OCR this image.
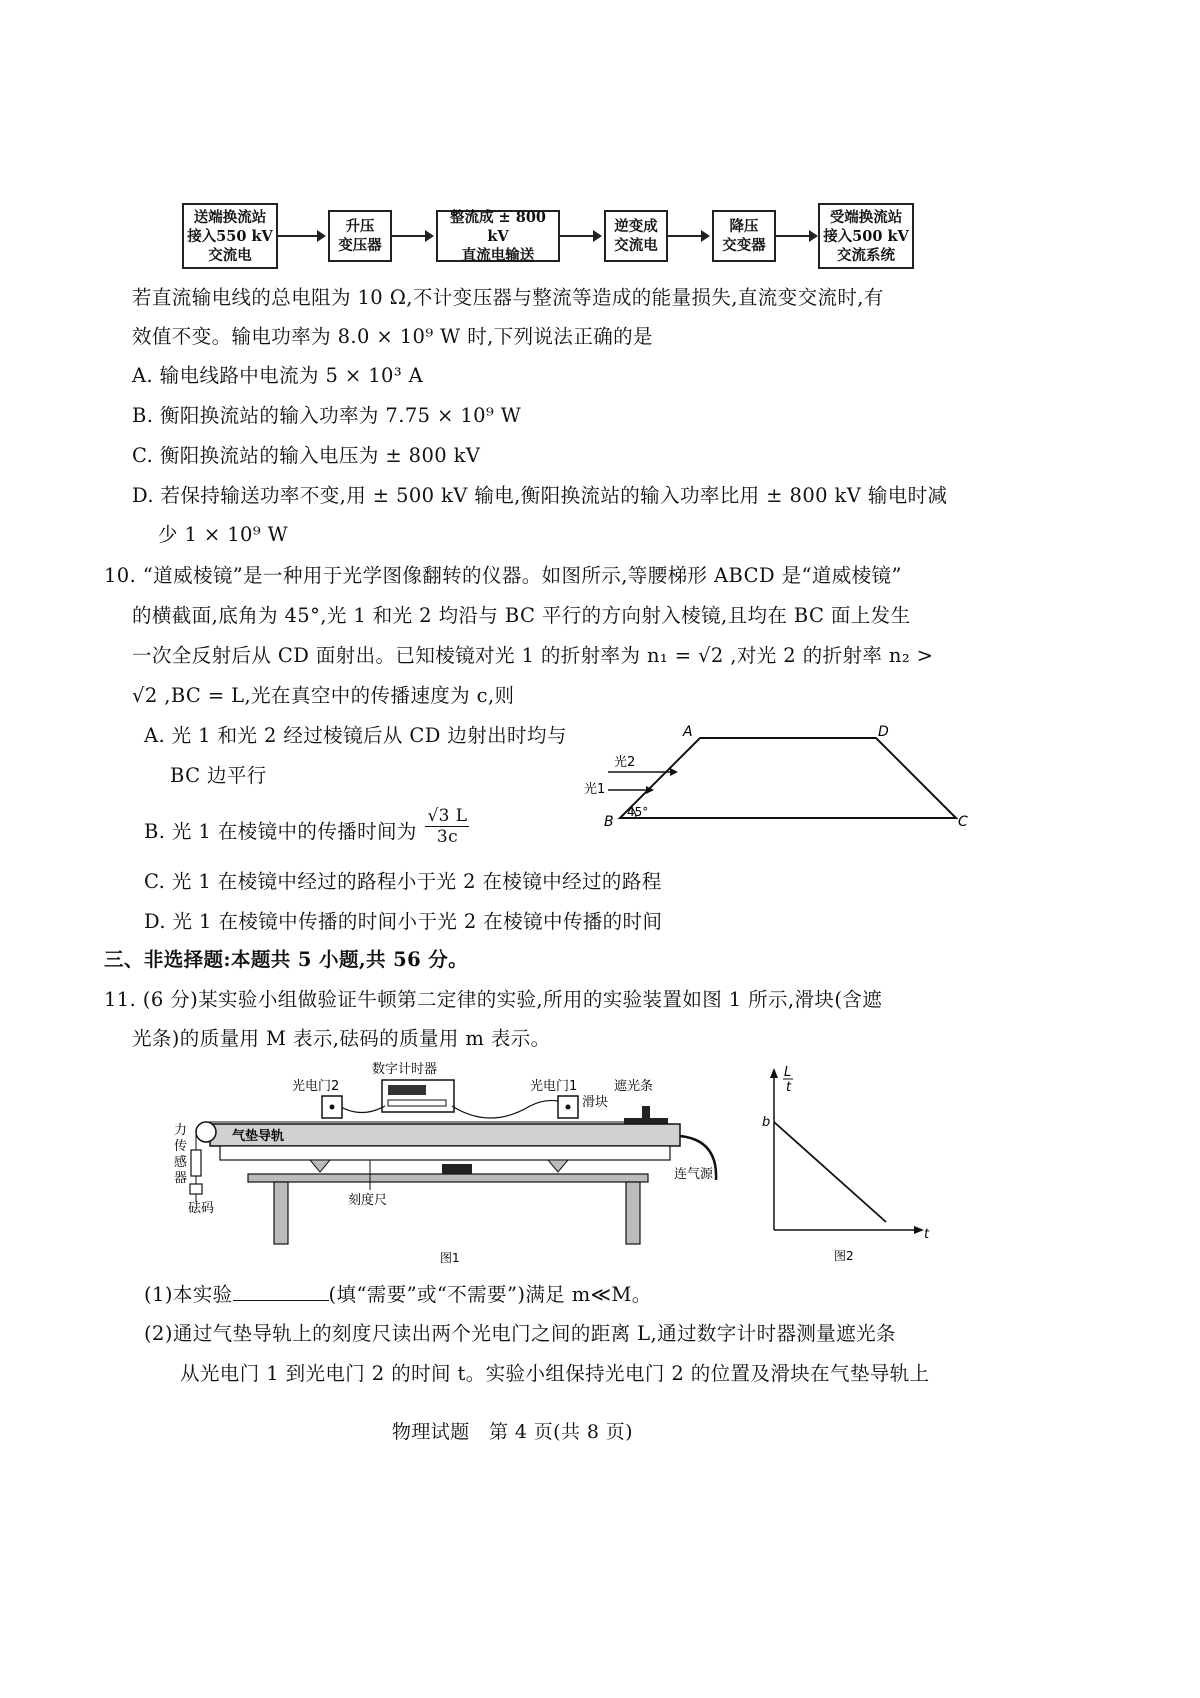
送端换流站
接入550 kV
交流电
升压
变压器
整流成 ± 800 kV
直流电输送
逆变成
交流电
降压
交变器
受端换流站
接入500 kV
交流系统
若直流输电线的总电阻为 10 Ω,不计变压器与整流等造成的能量损失,直流变交流时,有
效值不变。输电功率为 8.0 × 10⁹ W 时,下列说法正确的是
A. 输电线路中电流为 5 × 10³ A
B. 衡阳换流站的输入功率为 7.75 × 10⁹ W
C. 衡阳换流站的输入电压为 ± 800 kV
D. 若保持输送功率不变,用 ± 500 kV 输电,衡阳换流站的输入功率比用 ± 800 kV 输电时减
少 1 × 10⁹ W
10. “道威棱镜”是一种用于光学图像翻转的仪器。如图所示,等腰梯形 ABCD 是“道威棱镜”
的横截面,底角为 45°,光 1 和光 2 均沿与 BC 平行的方向射入棱镜,且均在 BC 面上发生
一次全反射后从 CD 面射出。已知棱镜对光 1 的折射率为 n₁ = √2 ,对光 2 的折射率 n₂ >
√2 ,BC = L,光在真空中的传播速度为 c,则
A. 光 1 和光 2 经过棱镜后从 CD 边射出时均与
BC 边平行
B. 光 1 在棱镜中的传播时间为 $\frac{√3 L}{3c}$
C. 光 1 在棱镜中经过的路程小于光 2 在棱镜中经过的路程
D. 光 1 在棱镜中传播的时间小于光 2 在棱镜中传播的时间
A	D
B	C
光2
光1
45°
三、非选择题:本题共 5 小题,共 56 分。
11. (6 分)某实验小组做验证牛顿第二定律的实验,所用的实验装置如图 1 所示,滑块(含遮
光条)的质量用 M 表示,砝码的质量用 m 表示。
数字计时器
光电门2	光电门1
滑块
遮光条
气垫导轨
力
传
感
器
砝码
连气源
刻度尺
图1
L
t
b
t
图2
(1)本实验	(填“需要”或“不需要”)满足 m≪M。
(2)通过气垫导轨上的刻度尺读出两个光电门之间的距离 L,通过数字计时器测量遮光条
从光电门 1 到光电门 2 的时间 t。实验小组保持光电门 2 的位置及滑块在气垫导轨上
物理试题　第 4 页(共 8 页)
